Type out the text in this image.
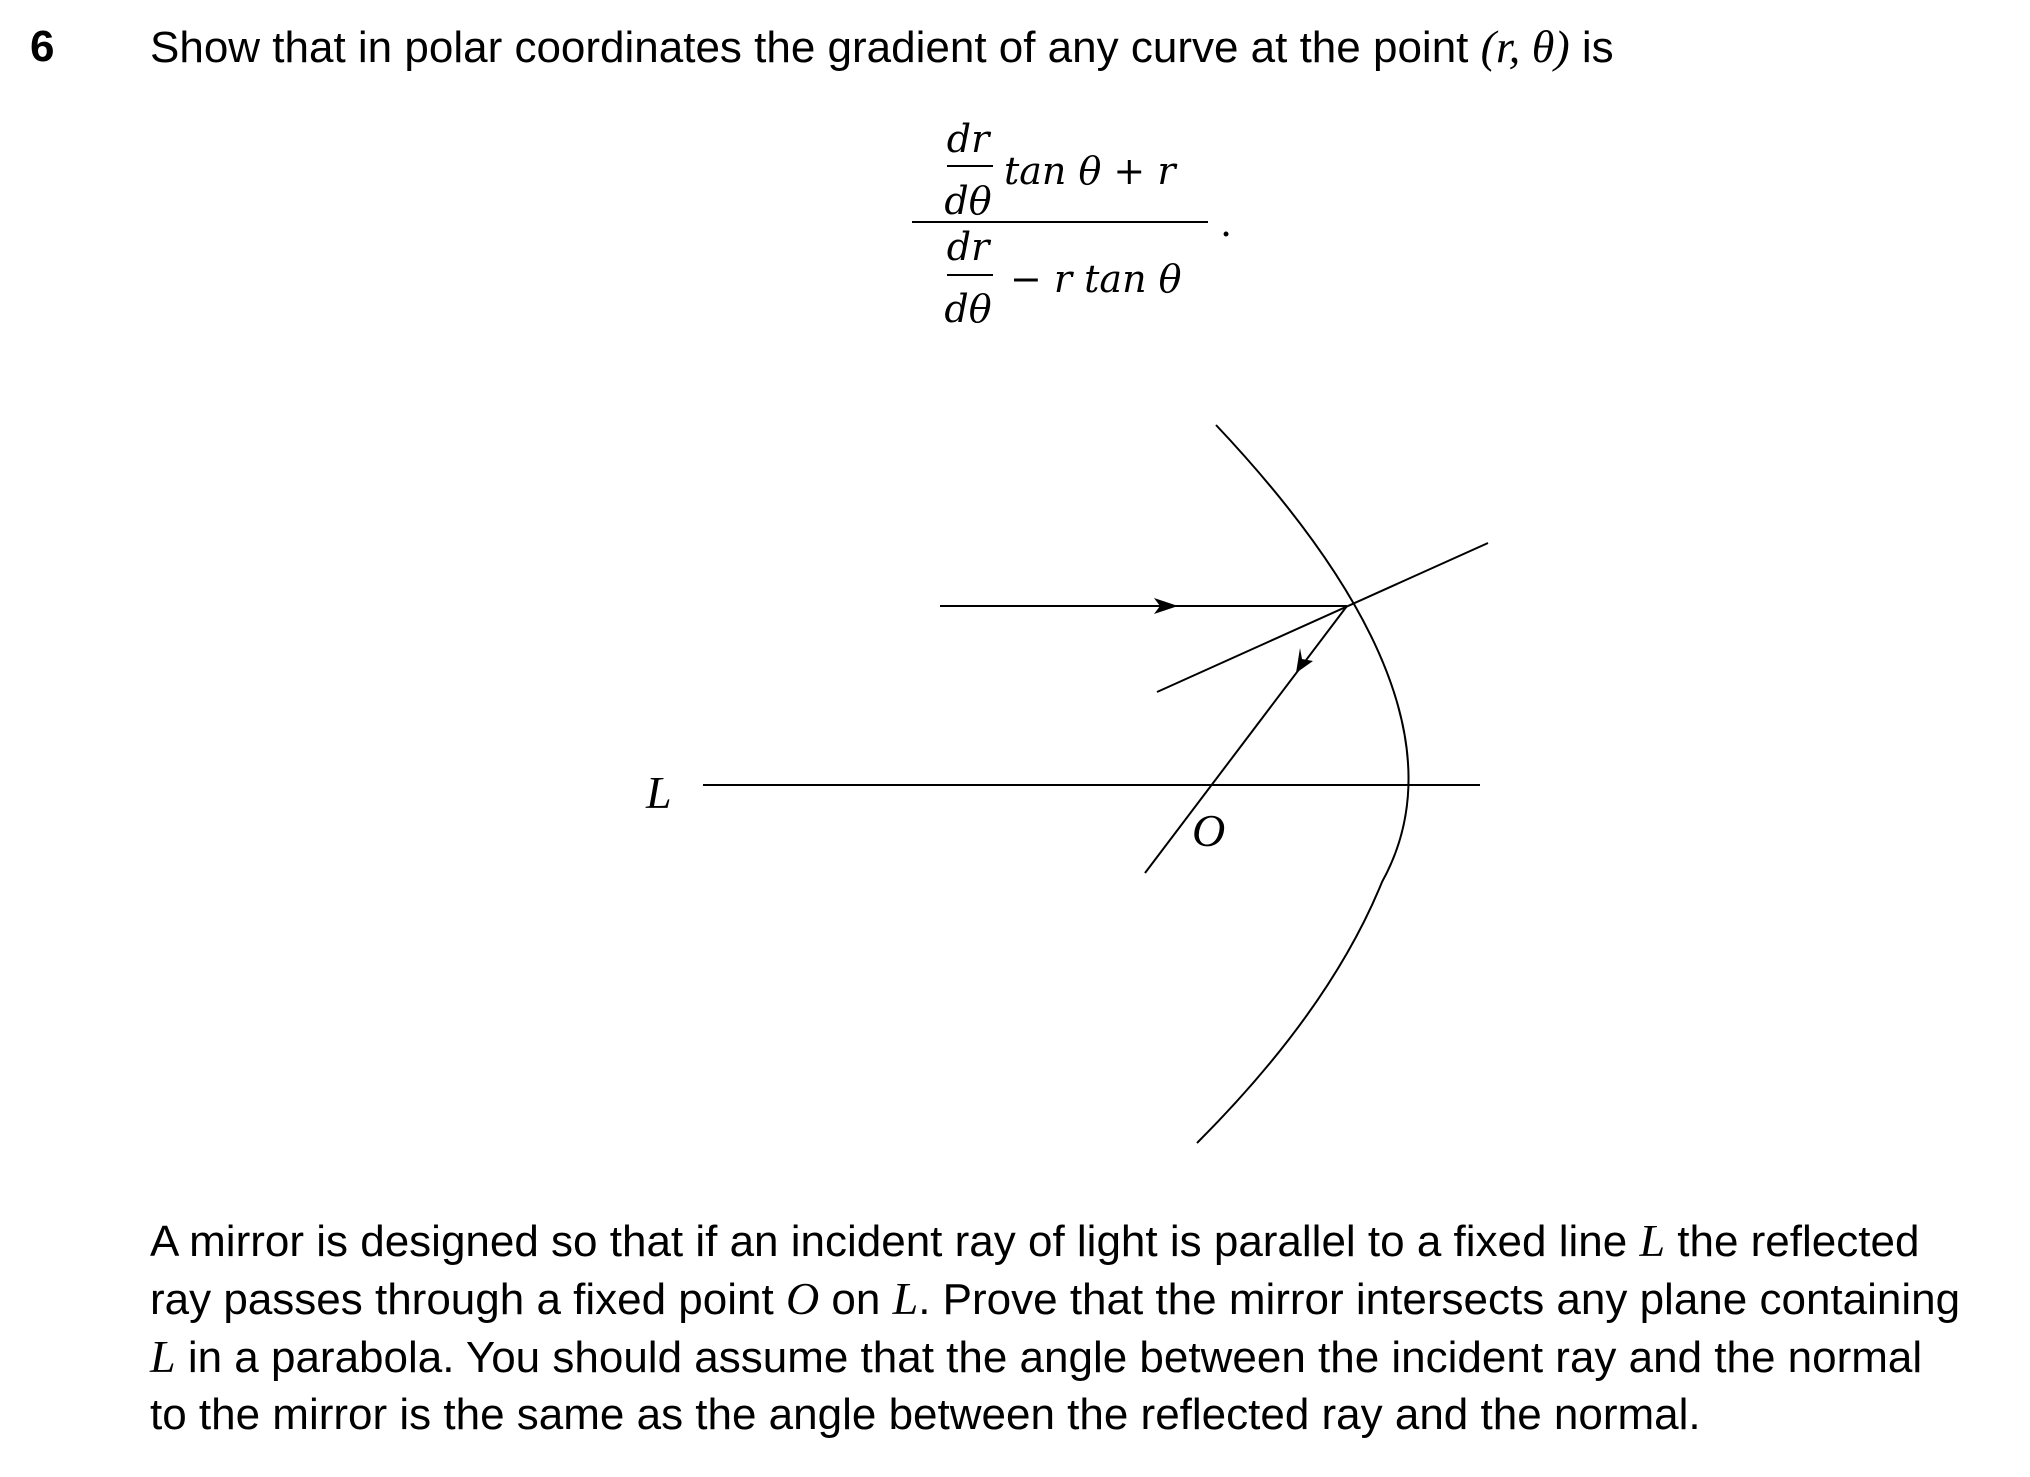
6 Show that in polar coordinates the gradient of any curve at the point (r, θ) is
dr
dθ
tan θ + r
.
dr
dθ
− r tan θ
L
O
A mirror is designed so that if an incident ray of light is parallel to a fixed line L the reflected
ray passes through a fixed point O on L. Prove that the mirror intersects any plane containing
L in a parabola. You should assume that the angle between the incident ray and the normal
to the mirror is the same as the angle between the reflected ray and the normal.
